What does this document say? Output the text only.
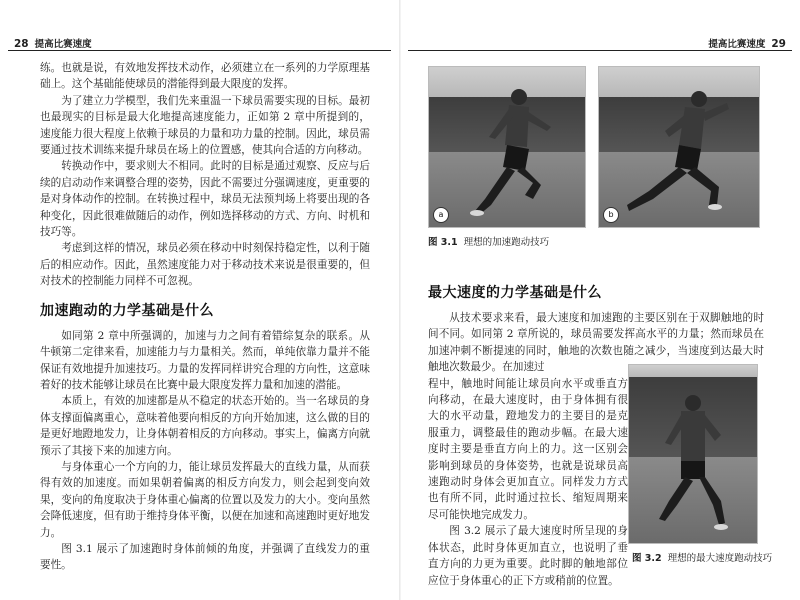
28 提高比赛速度	提高比赛速度 29

练。也就是说，有效地发挥技术动作，必须建立在一系列的力学原理基础上。这个基础能使球员的潜能得到最大限度的发挥。

为了建立力学模型，我们先来重温一下球员需要实现的目标。最初也最现实的目标是最大化地提高速度能力，正如第 2 章中所提到的，速度能力很大程度上依赖于球员的力量和功力量的控制。因此，球员需要通过技术训练来提升球员在场上的位置感，使其向合适的方向移动。

转换动作中，要求则大不相同。此时的目标是通过观察、反应与后续的启动动作来调整合理的姿势，因此不需要过分强调速度，更重要的是对身体动作的控制。在转换过程中，球员无法预判场上将要出现的各种变化，因此很难做随后的动作，例如选择移动的方式、方向、时机和技巧等。

考虑到这样的情况，球员必须在移动中时刻保持稳定性，以利于随后的相应动作。因此，虽然速度能力对于移动技术来说是很重要的，但对技术的控制能力同样不可忽视。

加速跑动的力学基础是什么

如同第 2 章中所强调的，加速与力之间有着错综复杂的联系。从牛顿第二定律来看，加速能力与力量相关。然而，单纯依靠力量并不能保证有效地提升加速技巧。力量的发挥同样讲究合理的方向性，这意味着好的技术能够让球员在比赛中最大限度发挥力量和加速的潜能。

本质上，有效的加速都是从不稳定的状态开始的。当一名球员的身体支撑面偏离重心，意味着他要向相反的方向开始加速，这么做的目的是更好地蹬地发力，让身体朝着相反的方向移动。事实上，偏离方向就预示了其接下来的加速方向。

与身体重心一个方向的力，能让球员发挥最大的直线力量，从而获得有效的加速度。而如果朝着偏离的相反方向发力，则会起到变向效果，变向的角度取决于身体重心偏离的位置以及发力的大小。变向虽然会降低速度，但有助于维持身体平衡，以便在加速和高速跑时更好地发力。

图 3.1 展示了加速跑时身体前倾的角度，并强调了直线发力的重要性。

a	b
图 3.1 理想的加速跑动技巧
最大速度的力学基础是什么

从技术要求来看，最大速度和加速跑的主要区别在于双脚触地的时间不同。如同第 2 章所说的，球员需要发挥高水平的力量；然而球员在加速冲刺不断提速的同时，触地的次数也随之减少，当速度到达最大时触地次数最少。在加速过

程中，触地时间能让球员向水平或垂直方向移动，在最大速度时，由于身体拥有很大的水平动量，蹬地发力的主要目的是克服重力，调整最佳的跑动步幅。在最大速度时主要是垂直方向上的力。这一区别会影响到球员的身体姿势，也就是说球员高速跑动时身体会更加直立。同样发力方式也有所不同，此时通过拉长、缩短周期来尽可能快地完成发力。

图 3.2 展示了最大速度时所呈现的身体状态，此时身体更加直立，也说明了垂直方向的力更为重要。此时脚的触地部位应位于身体重心的正下方或稍前的位置。

图 3.2 理想的最大速度跑动技巧
